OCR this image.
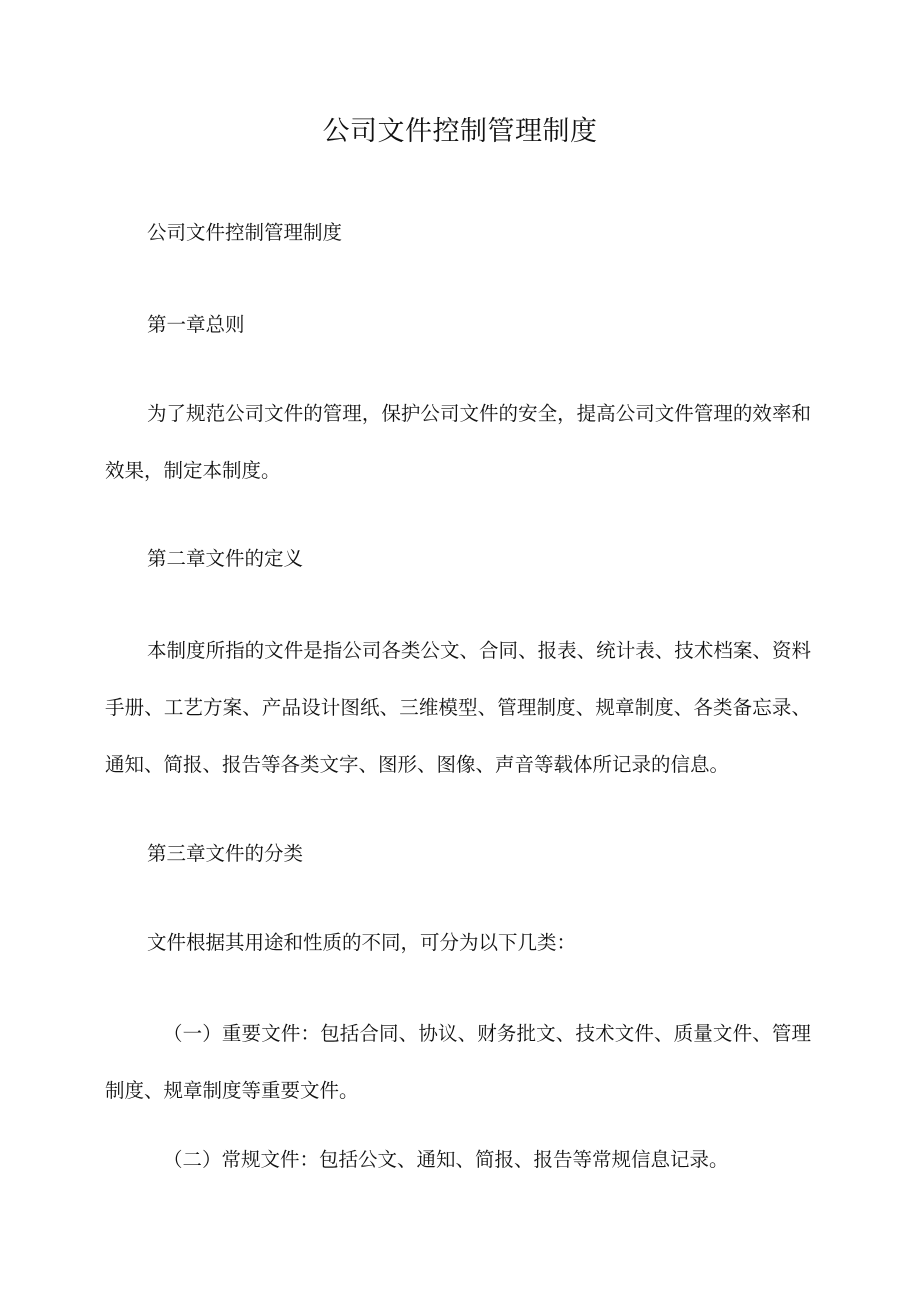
公司文件控制管理制度

公司文件控制管理制度

第一章总则

为了规范公司文件的管理，保护公司文件的安全，提高公司文件管理的效率和效果，制定本制度。

第二章文件的定义

本制度所指的文件是指公司各类公文、合同、报表、统计表、技术档案、资料手册、工艺方案、产品设计图纸、三维模型、管理制度、规章制度、各类备忘录、通知、简报、报告等各类文字、图形、图像、声音等载体所记录的信息。

第三章文件的分类

文件根据其用途和性质的不同，可分为以下几类：

（一）重要文件：包括合同、协议、财务批文、技术文件、质量文件、管理制度、规章制度等重要文件。

（二）常规文件：包括公文、通知、简报、报告等常规信息记录。
